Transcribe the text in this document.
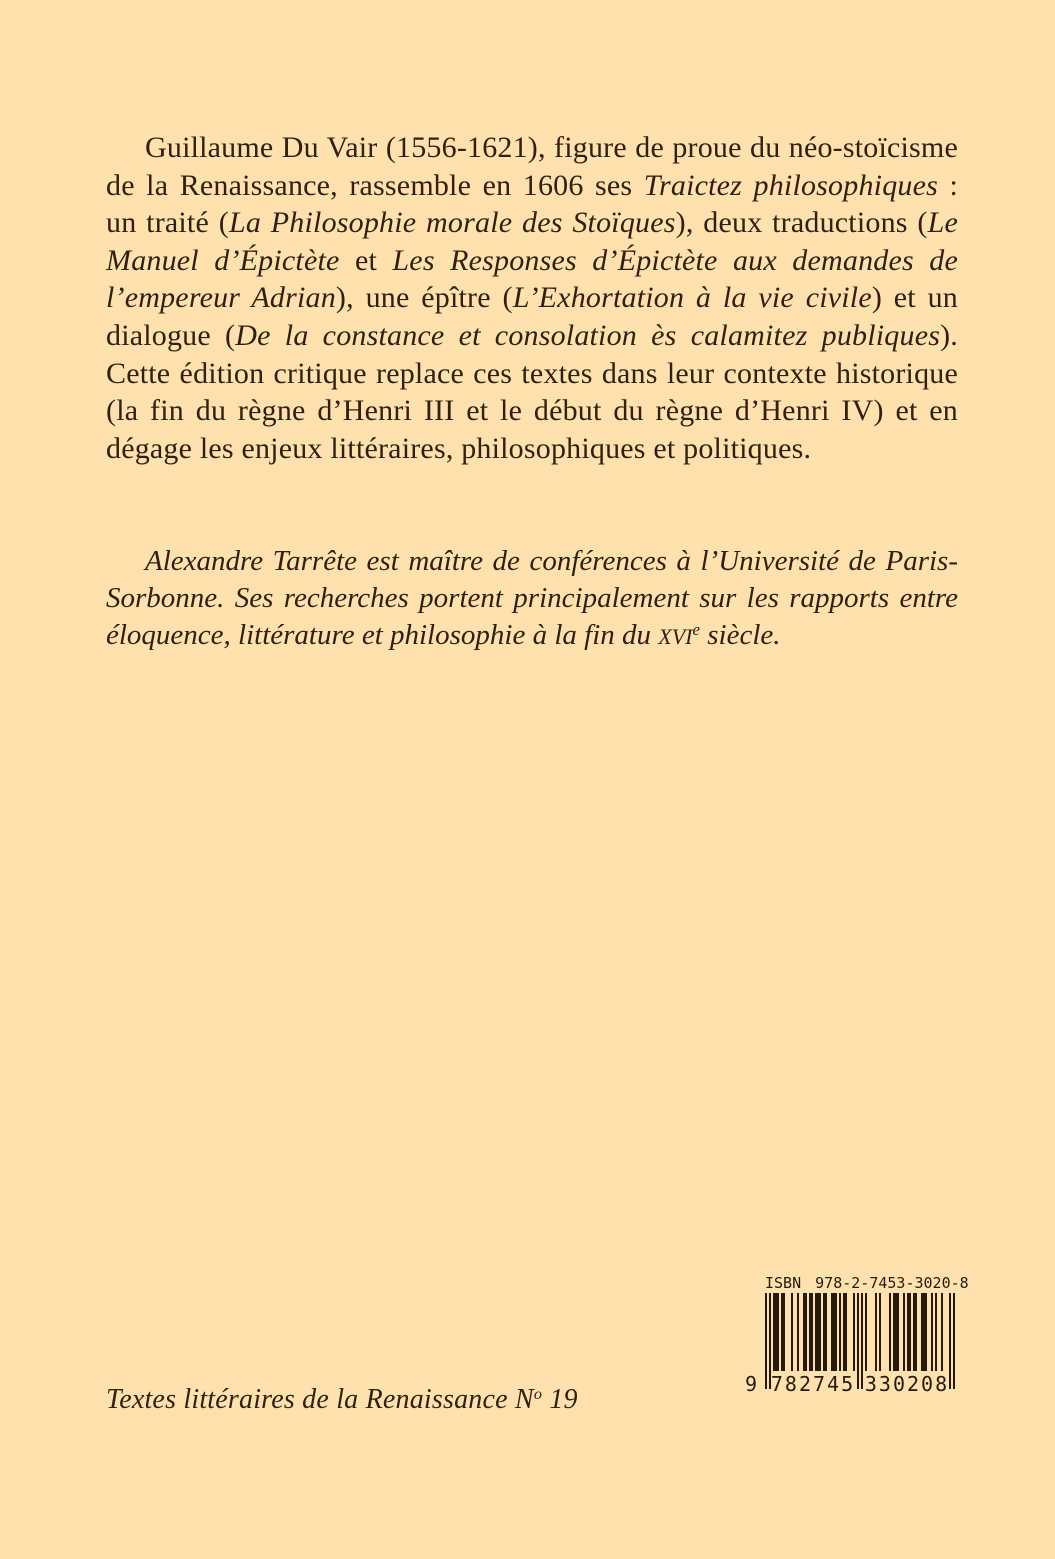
Guillaume Du Vair (1556-1621), figure de proue du néo-stoïcisme de la Renaissance, rassemble en 1606 ses Traictez philosophiques : un traité (La Philosophie morale des Stoïques), deux traductions (Le Manuel d’Épictète et Les Responses d’Épictète aux demandes de l’empereur Adrian), une épître (L’Exhortation à la vie civile) et un dialogue (De la constance et consolation ès calamitez publiques). Cette édition critique replace ces textes dans leur contexte historique (la fin du règne d’Henri III et le début du règne d’Henri IV) et en dégage les enjeux littéraires, philosophiques et politiques.

Alexandre Tarrête est maître de conférences à l’Université de Paris-Sorbonne. Ses recherches portent principalement sur les rapports entre éloquence, littérature et philosophie à la fin du XVIe siècle.

Textes littéraires de la Renaissance $N^o$ 19

ISBN 978-2-7453-3020-8
9 782745 330208
